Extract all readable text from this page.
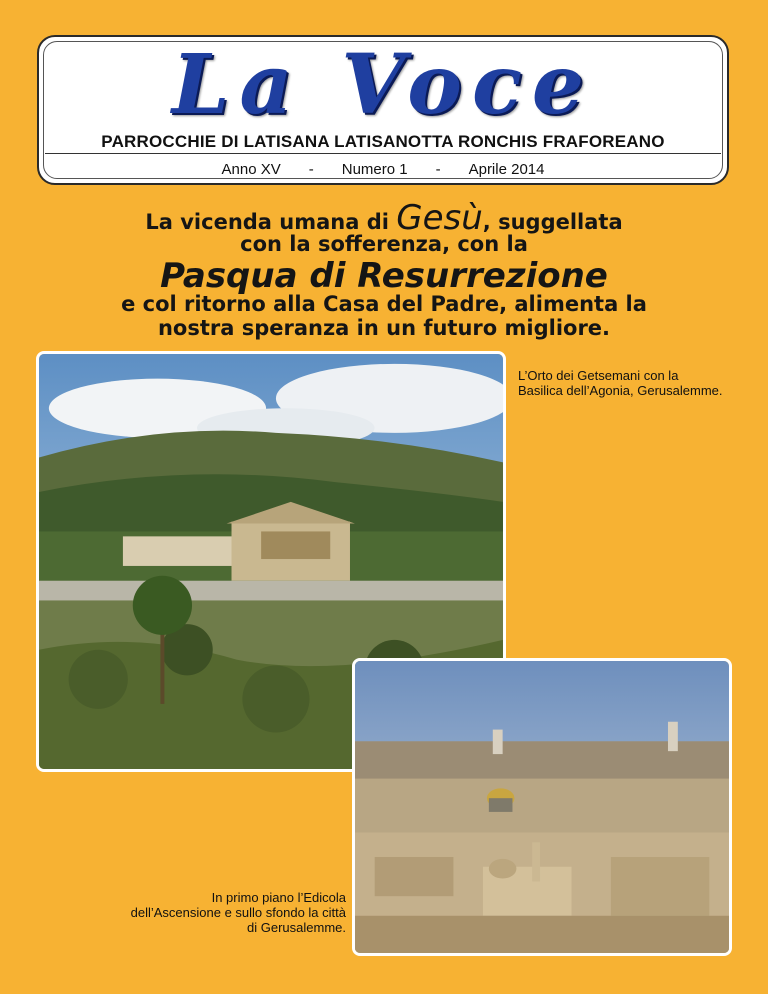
La Voce
PARROCCHIE DI LATISANA LATISANOTTA RONCHIS FRAFOREANO
Anno XV - Numero 1 - Aprile 2014
La vicenda umana di Gesù, suggellata
con la sofferenza, con la
Pasqua di Resurrezione
e col ritorno alla Casa del Padre, alimenta la
nostra speranza in un futuro migliore.
L’Orto dei Getsemani con la Basilica dell’Agonia, Gerusalemme.
In primo piano l’Edicola dell’Ascensione e sullo sfondo la città di Gerusalemme.
